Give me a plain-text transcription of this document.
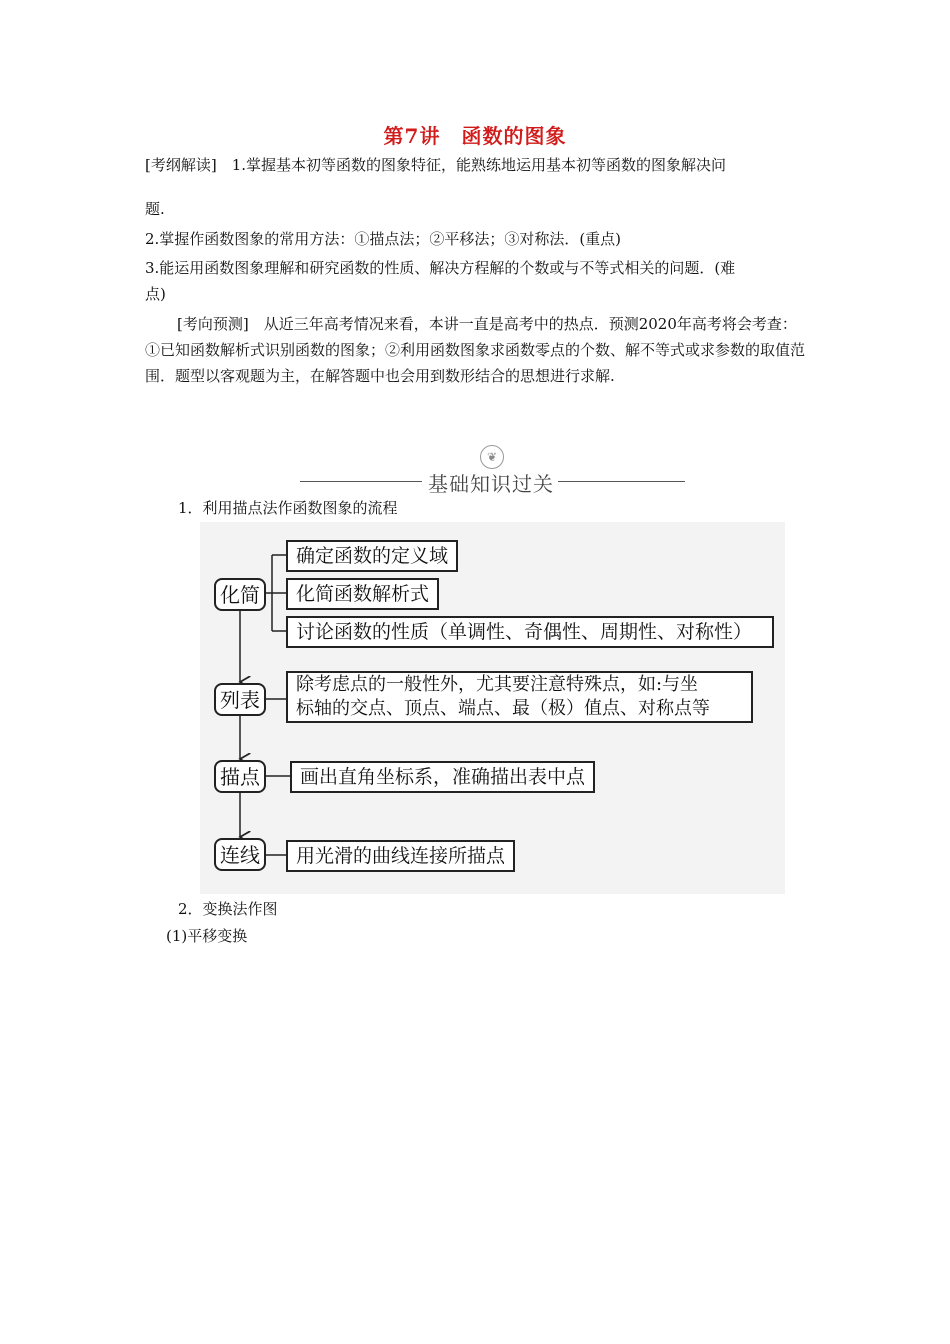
第7讲　函数的图象
[考纲解读]　1.掌握基本初等函数的图象特征，能熟练地运用基本初等函数的图象解决问
题.
2.掌握作函数图象的常用方法：①描点法；②平移法；③对称法．(重点)
3.能运用函数图象理解和研究函数的性质、解决方程解的个数或与不等式相关的问题．(难
点)
[考向预测]　从近三年高考情况来看，本讲一直是高考中的热点．预测2020年高考将会考查：①已知函数解析式识别函数的图象；②利用函数图象求函数零点的个数、解不等式或求参数的取值范围．题型以客观题为主，在解答题中也会用到数形结合的思想进行求解.
❦
基础知识过关
1．利用描点法作函数图象的流程
化简
列表
描点
连线
确定函数的定义域
化简函数解析式
讨论函数的性质（单调性、奇偶性、周期性、对称性）
除考虑点的一般性外，尤其要注意特殊点，如:与坐
标轴的交点、顶点、端点、最（极）值点、对称点等
画出直角坐标系，准确描出表中点
用光滑的曲线连接所描点
2．变换法作图
(1)平移变换
